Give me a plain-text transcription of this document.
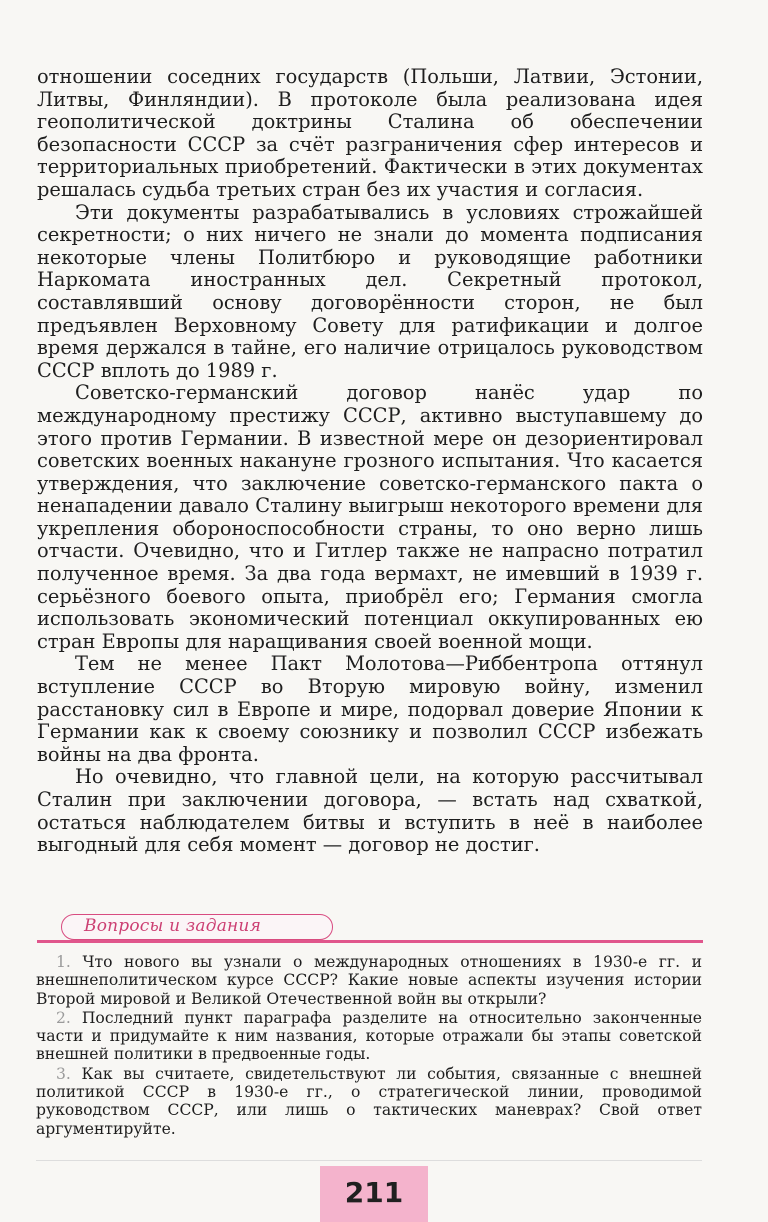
отношении соседних государств (Польши, Латвии, Эстонии, Литвы, Финляндии). В протоколе была реализована идея геополитической доктрины Сталина об обеспечении безопасности СССР за счёт разграничения сфер интересов и территориальных приобретений. Фактически в этих документах решалась судьба третьих стран без их участия и согласия.

Эти документы разрабатывались в условиях строжайшей секретности; о них ничего не знали до момента подписания некоторые члены Политбюро и руководящие работники Наркомата иностранных дел. Секретный протокол, составлявший основу договорённости сторон, не был предъявлен Верховному Совету для ратификации и долгое время держался в тайне, его наличие отрицалось руководством СССР вплоть до 1989 г.

Советско-германский договор нанёс удар по международному престижу СССР, активно выступавшему до этого против Германии. В известной мере он дезориентировал советских военных накануне грозного испытания. Что касается утверждения, что заключение советско-германского пакта о ненападении давало Сталину выигрыш некоторого времени для укрепления обороноспособности страны, то оно верно лишь отчасти. Очевидно, что и Гитлер также не напрасно потратил полученное время. За два года вермахт, не имевший в 1939 г. серьёзного боевого опыта, приобрёл его; Германия смогла использовать экономический потенциал оккупированных ею стран Европы для наращивания своей военной мощи.

Тем не менее Пакт Молотова—Риббентропа оттянул вступление СССР во Вторую мировую войну, изменил расстановку сил в Европе и мире, подорвал доверие Японии к Германии как к своему союзнику и позволил СССР избежать войны на два фронта.

Но очевидно, что главной цели, на которую рассчитывал Сталин при заключении договора, — встать над схваткой, остаться наблюдателем битвы и вступить в неё в наиболее выгодный для себя момент — договор не достиг.

Вопросы и задания

1. Что нового вы узнали о международных отношениях в 1930-е гг. и внешнеполитическом курсе СССР? Какие новые аспекты изучения истории Второй мировой и Великой Отечественной войн вы открыли?

2. Последний пункт параграфа разделите на относительно законченные части и придумайте к ним названия, которые отражали бы этапы советской внешней политики в предвоенные годы.

3. Как вы считаете, свидетельствуют ли события, связанные с внешней политикой СССР в 1930-е гг., о стратегической линии, проводимой руководством СССР, или лишь о тактических маневрах? Свой ответ аргументируйте.

211
